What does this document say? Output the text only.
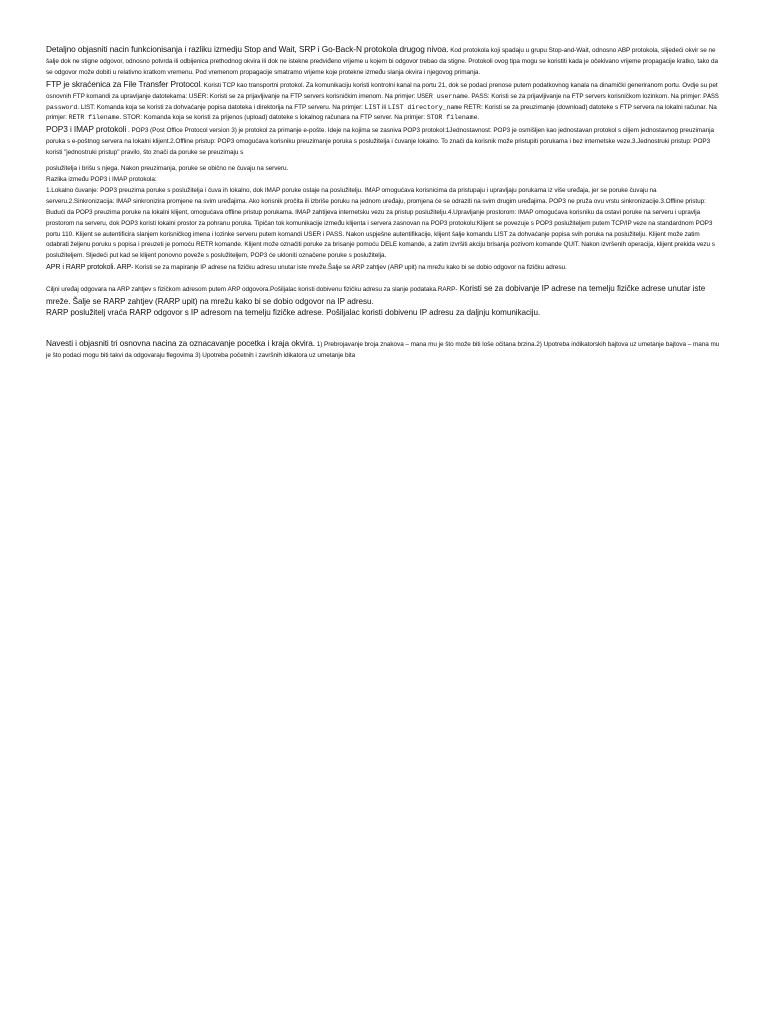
Detaljno objasniti nacin funkcionisanja i razliku izmedju Stop and Wait, SRP i Go-Back-N protokola drugog nivoa. Kod protokola koji spadaju u grupu Stop-and-Wait, odnosno ABP protokola, slijedeći okvir se ne šalje dok ne stigne odgovor, odnosno potvrda ili odbijenica prethodnog okvira ili dok ne istekne predviđeno vrijeme u kojem bi odgovor trebao da stigne. Protokoli ovog tipa mogu se koristiti kada je očekivano vrijeme propagacije kratko, tako da se odgovor može dobiti u relativno kratkom vremenu. Pod vremenom propagacije smatramo vrijeme koje protekne između slanja okvira i njegovog primanja.

FTP je skraćenica za File Transfer Protocol. Koristi TCP kao transportni protokol. Za komunikaciju koristi kontrolni kanal na portu 21, dok se podaci prenose putem podatkovnog kanala na dinamički generiranom portu. Ovdje su pet osnovnih FTP komandi za upravljanje datotekama: USER: Koristi se za prijavljivanje na FTP servers korisničkim imenom. Na primjer: USER username. PASS: Koristi se za prijavljivanje na FTP servers korisničkom lozinkom. Na primjer: PASS password. LIST: Komanda koja se koristi za dohvaćanje popisa datoteka i direktorija na FTP serveru. Na primjer: LIST ili LIST directory_name RETR: Koristi se za preuzimanje (download) datoteke s FTP servera na lokalni računar. Na primjer: RETR filename. STOR: Komanda koja se koristi za prijenos (upload) datoteke s lokalnog računara na FTP server. Na primjer: STOR filename.

POP3 i IMAP protokoli . POP3 (Post Office Protocol version 3) je protokol za primanje e-pošte. Ideje na kojima se zasniva POP3 protokol:1Jednostavnost: POP3 je osmišljen kao jednostavan protokol s ciljem jednostavnog preuzimanja poruka s e-poštnog servera na lokalni klijent.2.Offline pristup: POP3 omogućava korisniku preuzimanje poruka s poslužitelja i čuvanje lokalno. To znači da korisnik može pristupiti porukama i bez internetske veze.3.Jednostruki pristup: POP3 koristi "jednostruki pristup" pravilo, što znači da poruke se preuzimaju s

poslužitelja i brišu s njega. Nakon preuzimanja, poruke se obično ne čuvaju na serveru.

Razlika između POP3 i IMAP protokola:

1.Lokalno čuvanje: POP3 preuzima poruke s poslužitelja i čuva ih lokalno, dok IMAP poruke ostaje na poslužitelju. IMAP omogućava korisnicima da pristupaju i upravljaju porukama iz više uređaja, jer se poruke čuvaju na serveru.2.Sinkronizacija: IMAP sinkronizira promjene na svim uređajima. Ako korisnik pročita ili izbriše poruku na jednom uređaju, promjena će se odraziti na svim drugim uređajima. POP3 ne pruža ovu vrstu sinkronizacije.3.Offline pristup: Budući da POP3 preuzima poruke na lokalni klijent, omogućava offline pristup porukama. IMAP zahtijeva internetsku vezu za pristup poslužitelju.4.Upravljanje prostorom: IMAP omogućava korisniku da ostavi poruke na serveru i upravlja prostorom na serveru, dok POP3 koristi lokalni prostor za pohranu poruka. Tipičan tok komunikacije između klijenta i servera zasnovan na POP3 protokolu:Klijent se povezuje s POP3 poslužiteljem putem TCP/IP veze na standardnom POP3 portu 110. Klijent se autentificira slanjem korisničkog imena i lozinke serveru putem komandi USER i PASS. Nakon uspješne autentifikacije, klijent šalje komandu LIST za dohvaćanje popisa svih poruka na poslužitelju. Klijent može zatim odabrati željenu poruku s popisa i preuzeti je pomoću RETR komande. Klijent može označiti poruke za brisanje pomoću DELE komande, a zatim izvršiti akciju brisanja pozivom komande QUIT. Nakon izvršenih operacija, klijent prekida vezu s poslužiteljem. Sljedeći put kad se klijent ponovno poveže s poslužiteljem, POP3 će ukloniti označene poruke s poslužitelja.

APR i RARP protokoli. ARP- Koristi se za mapiranje IP adrese na fizičku adresu unutar iste mreže.Šalje se ARP zahtjev (ARP upit) na mrežu kako bi se dobio odgovor na fizičku adresu.

Ciljni uređaj odgovara na ARP zahtjev s fizičkom adresom putem ARP odgovora.Pošiljalac koristi dobivenu fizičku adresu za slanje podataka.RARP- Koristi se za dobivanje IP adrese na temelju fizičke adrese unutar iste mreže. Šalje se RARP zahtjev (RARP upit) na mrežu kako bi se dobio odgovor na IP adresu.

RARP poslužitelj vraća RARP odgovor s IP adresom na temelju fizičke adrese. Pošiljalac koristi dobivenu IP adresu za daljnju komunikaciju.

Navesti i objasniti tri osnovna nacina za oznacavanje pocetka i kraja okvira. 1) Prebrojavanje broja znakova – mana mu je što može biti loše očitana brzina.2) Upotreba indikatorskih bajtova uz umetanje bajtova – mana mu je što podaci mogu biti takvi da odgovaraju flegovima 3) Upotreba početnih i završnih idikatora uz umetanje bita
